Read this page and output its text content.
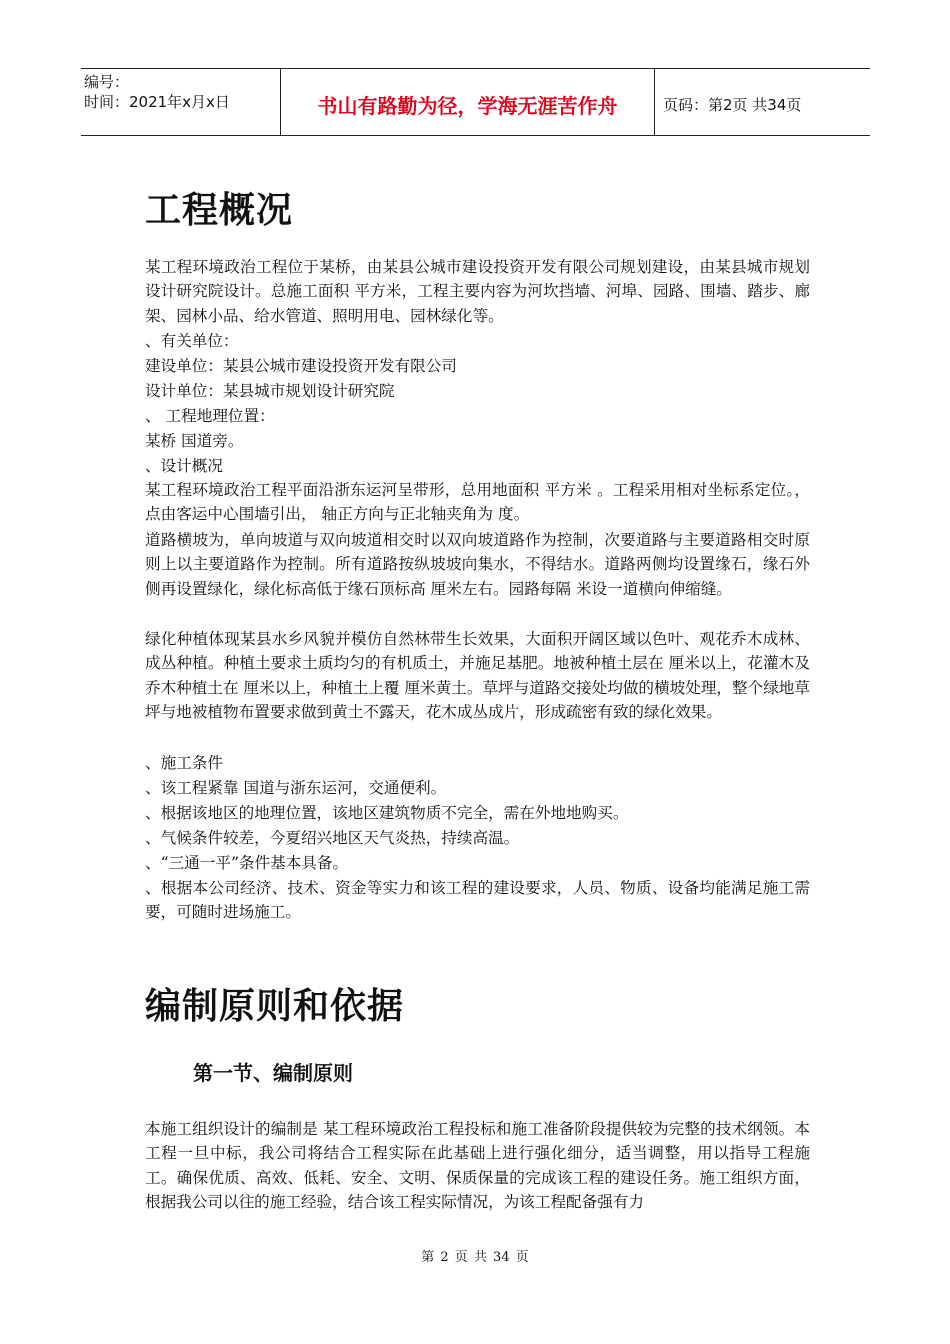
编号：
时间：2021年x月x日	书山有路勤为径，学海无涯苦作舟	页码：第2页 共34页
工程概况

某工程环境政治工程位于某桥，由某县公城市建设投资开发有限公司规划建设，由某县城市规划设计研究院设计。总施工面积 平方米，工程主要内容为河坎挡墙、河埠、园路、围墙、踏步、廊架、园林小品、给水管道、照明用电、园林绿化等。

、有关单位：

建设单位：某县公城市建设投资开发有限公司

设计单位：某县城市规划设计研究院

、 工程地理位置：

某桥 国道旁。

、设计概况

某工程环境政治工程平面沿浙东运河呈带形，总用地面积 平方米 。工程采用相对坐标系定位。， 点由客运中心围墙引出， 轴正方向与正北轴夹角为 度。

道路横坡为，单向坡道与双向坡道相交时以双向坡道路作为控制，次要道路与主要道路相交时原则上以主要道路作为控制。所有道路按纵坡坡向集水，不得结水。道路两侧均设置缘石，缘石外侧再设置绿化，绿化标高低于缘石顶标高 厘米左右。园路每隔 米设一道横向伸缩缝。

绿化种植体现某县水乡风貌并模仿自然林带生长效果，大面积开阔区域以色叶、观花乔木成林、成丛种植。种植土要求土质均匀的有机质土，并施足基肥。地被种植土层在 厘米以上，花灌木及乔木种植土在 厘米以上，种植土上覆 厘米黄土。草坪与道路交接处均做的横坡处理，整个绿地草坪与地被植物布置要求做到黄土不露天，花木成丛成片，形成疏密有致的绿化效果。

、施工条件

、该工程紧靠 国道与浙东运河，交通便利。

、根据该地区的地理位置，该地区建筑物质不完全，需在外地地购买。

、气候条件较差，今夏绍兴地区天气炎热，持续高温。

、“三通一平”条件基本具备。

、根据本公司经济、技术、资金等实力和该工程的建设要求，人员、物质、设备均能满足施工需要，可随时进场施工。

编制原则和依据
第一节、编制原则

本施工组织设计的编制是 某工程环境政治工程投标和施工准备阶段提供较为完整的技术纲领。本工程一旦中标，我公司将结合工程实际在此基础上进行强化细分，适当调整，用以指导工程施工。确保优质、高效、低耗、安全、文明、保质保量的完成该工程的建设任务。施工组织方面，根据我公司以往的施工经验，结合该工程实际情况，为该工程配备强有力

第 2 页 共 34 页
